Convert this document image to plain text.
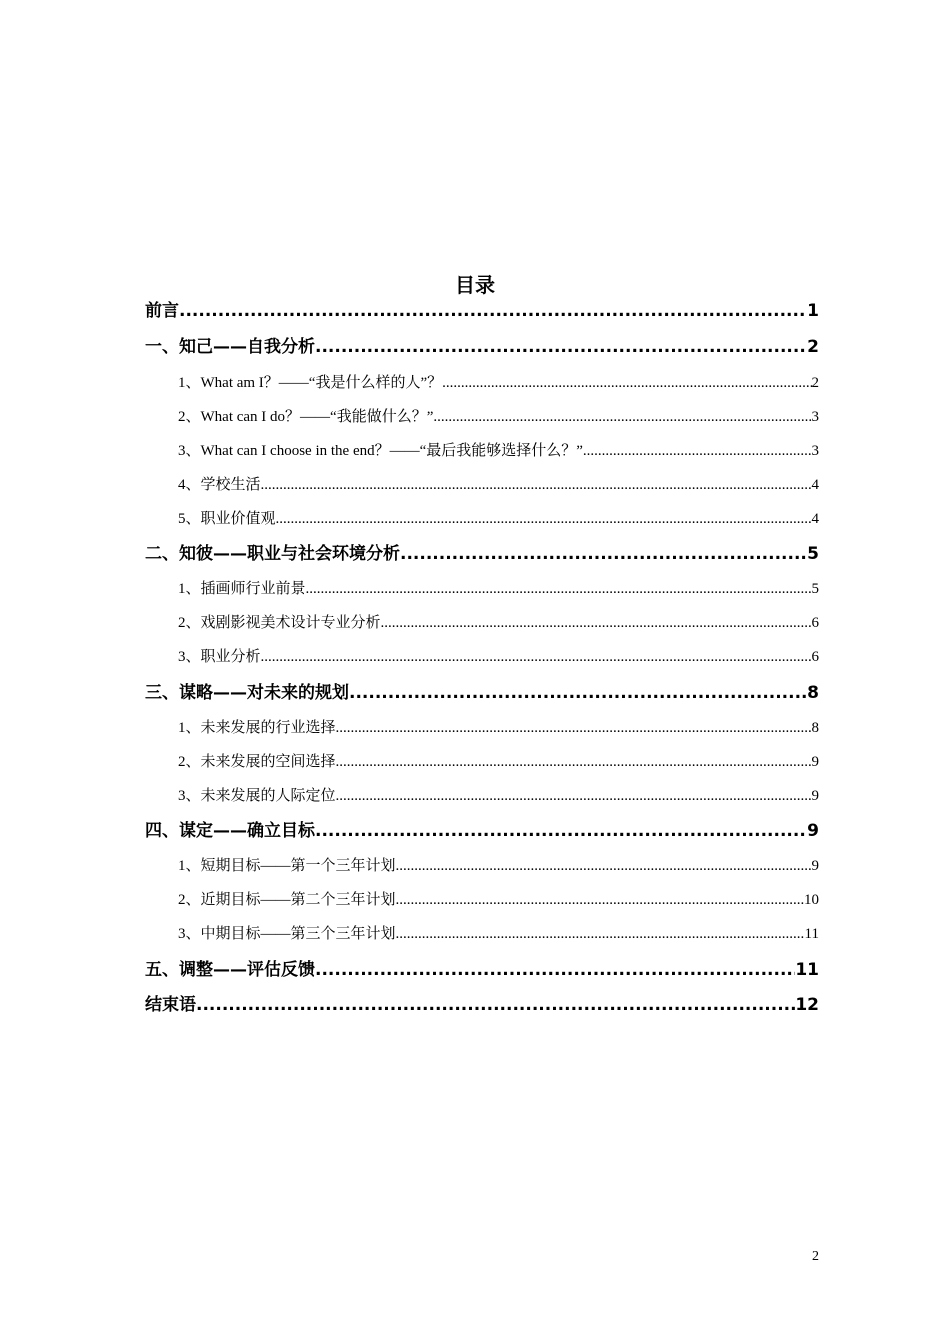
目录
前言 .....	1
一、知己——自我分析 .....	2
1、What am I？——“我是什么样的人”？ .....	2
2、What can I do？——“我能做什么？” .....	3
3、What can I choose in the end？——“最后我能够选择什么？” .....	3
4、学校生活 .....	4
5、职业价值观 .....	4
二、知彼——职业与社会环境分析 .....	5
1、插画师行业前景 .....	5
2、戏剧影视美术设计专业分析 .....	6
3、职业分析 .....	6
三、谋略——对未来的规划 .....	8
1、未来发展的行业选择 .....	8
2、未来发展的空间选择 .....	9
3、未来发展的人际定位 .....	9
四、谋定——确立目标 .....	9
1、短期目标——第一个三年计划 .....	9
2、近期目标——第二个三年计划 .....	10
3、中期目标——第三个三年计划 .....	11
五、调整——评估反馈 .....	11
结束语 .....	12
2
